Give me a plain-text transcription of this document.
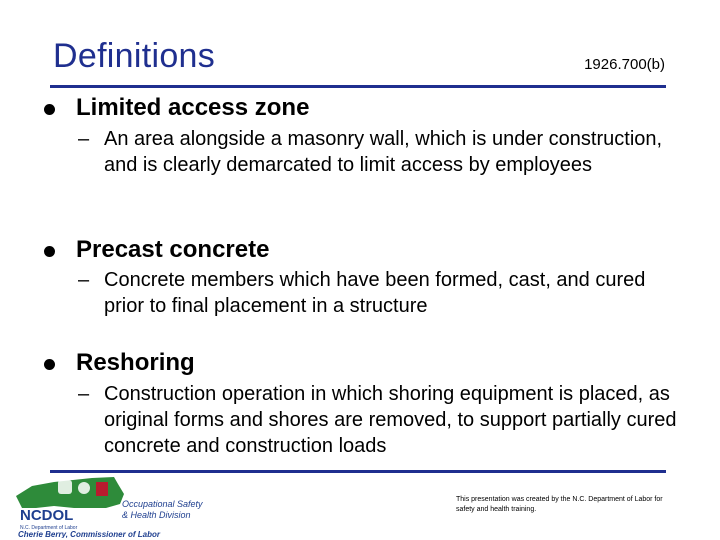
Definitions	1926.700(b)
Limited access zone
– An area alongside a masonry wall, which is under construction, and is clearly demarcated to limit access by employees
Precast concrete
– Concrete members which have been formed, cast, and cured prior to final placement in a structure
Reshoring
– Construction operation in which shoring equipment is placed, as original forms and shores are removed, to support partially cured concrete and construction loads
NCDOL
N.C. Department of Labor
Occupational Safety
& Health Division
Cherie Berry, Commissioner of Labor
This presentation was created by the N.C. Department of Labor for safety and health training.
